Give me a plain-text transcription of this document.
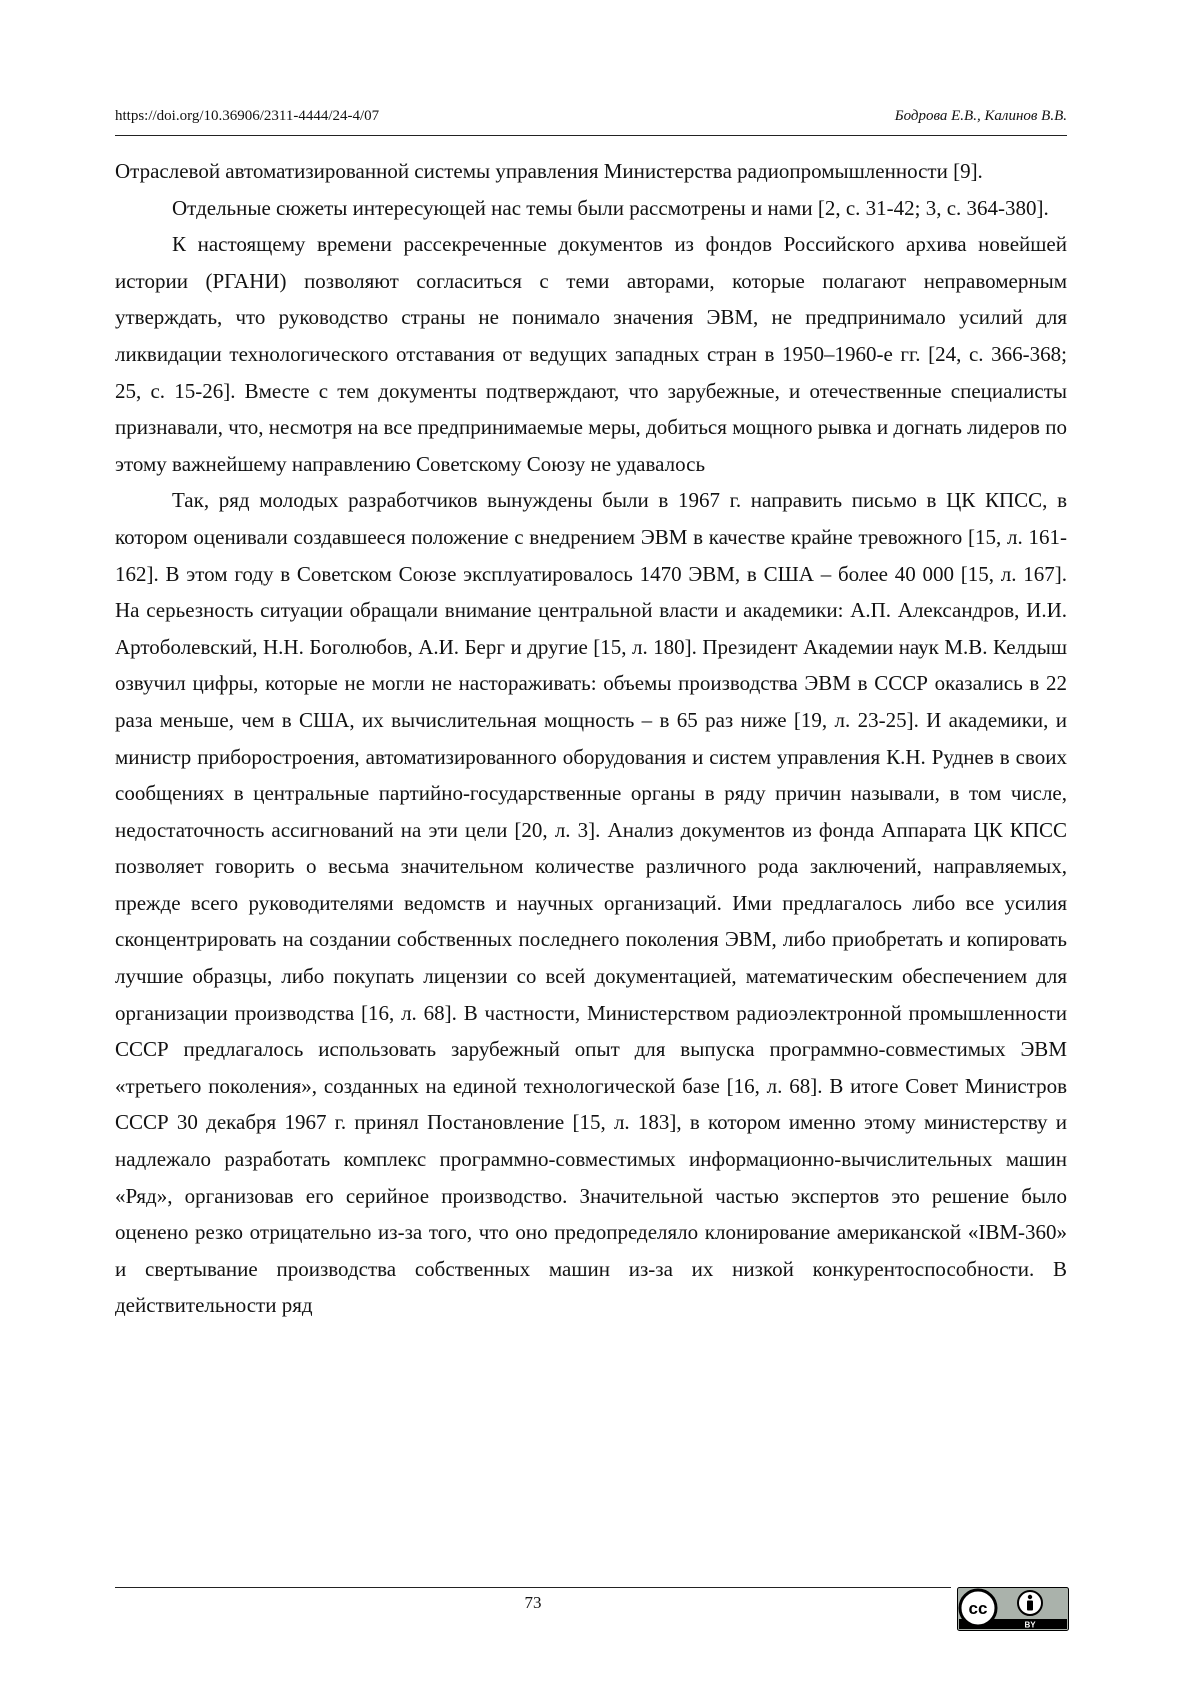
https://doi.org/10.36906/2311-4444/24-4/07	Бодрова Е.В., Калинов В.В.

Отраслевой автоматизированной системы управления Министерства радиопромышленности [9].

Отдельные сюжеты интересующей нас темы были рассмотрены и нами [2, с. 31-42; 3, с. 364-380].

К настоящему времени рассекреченные документов из фондов Российского архива новейшей истории (РГАНИ) позволяют согласиться с теми авторами, которые полагают неправомерным утверждать, что руководство страны не понимало значения ЭВМ, не предпринимало усилий для ликвидации технологического отставания от ведущих западных стран в 1950–1960-е гг. [24, с. 366-368; 25, с. 15-26]. Вместе с тем документы подтверждают, что зарубежные, и отечественные специалисты признавали, что, несмотря на все предпринимаемые меры, добиться мощного рывка и догнать лидеров по этому важнейшему направлению Советскому Союзу не удавалось

Так, ряд молодых разработчиков вынуждены были в 1967 г. направить письмо в ЦК КПСС, в котором оценивали создавшееся положение с внедрением ЭВМ в качестве крайне тревожного [15, л. 161-162]. В этом году в Советском Союзе эксплуатировалось 1470 ЭВМ, в США – более 40 000 [15, л. 167]. На серьезность ситуации обращали внимание центральной власти и академики: А.П. Александров, И.И. Артоболевский, Н.Н. Боголюбов, А.И. Берг и другие [15, л. 180]. Президент Академии наук М.В. Келдыш озвучил цифры, которые не могли не настораживать: объемы производства ЭВМ в СССР оказались в 22 раза меньше, чем в США, их вычислительная мощность – в 65 раз ниже [19, л. 23-25]. И академики, и министр приборостроения, автоматизированного оборудования и систем управления К.Н. Руднев в своих сообщениях в центральные партийно-государственные органы в ряду причин называли, в том числе, недостаточность ассигнований на эти цели [20, л. 3]. Анализ документов из фонда Аппарата ЦК КПСС позволяет говорить о весьма значительном количестве различного рода заключений, направляемых, прежде всего руководителями ведомств и научных организаций. Ими предлагалось либо все усилия сконцентрировать на создании собственных последнего поколения ЭВМ, либо приобретать и копировать лучшие образцы, либо покупать лицензии со всей документацией, математическим обеспечением для организации производства [16, л. 68]. В частности, Министерством радиоэлектронной промышленности СССР предлагалось использовать зарубежный опыт для выпуска программно-совместимых ЭВМ «третьего поколения», созданных на единой технологической базе [16, л. 68]. В итоге Совет Министров СССР 30 декабря 1967 г. принял Постановление [15, л. 183], в котором именно этому министерству и надлежало разработать комплекс программно-совместимых информационно-вычислительных машин «Ряд», организовав его серийное производство. Значительной частью экспертов это решение было оценено резко отрицательно из-за того, что оно предопределяло клонирование американской «IBM-360» и свертывание производства собственных машин из-за их низкой конкурентоспособности. В действительности ряд

73	cc
BY
